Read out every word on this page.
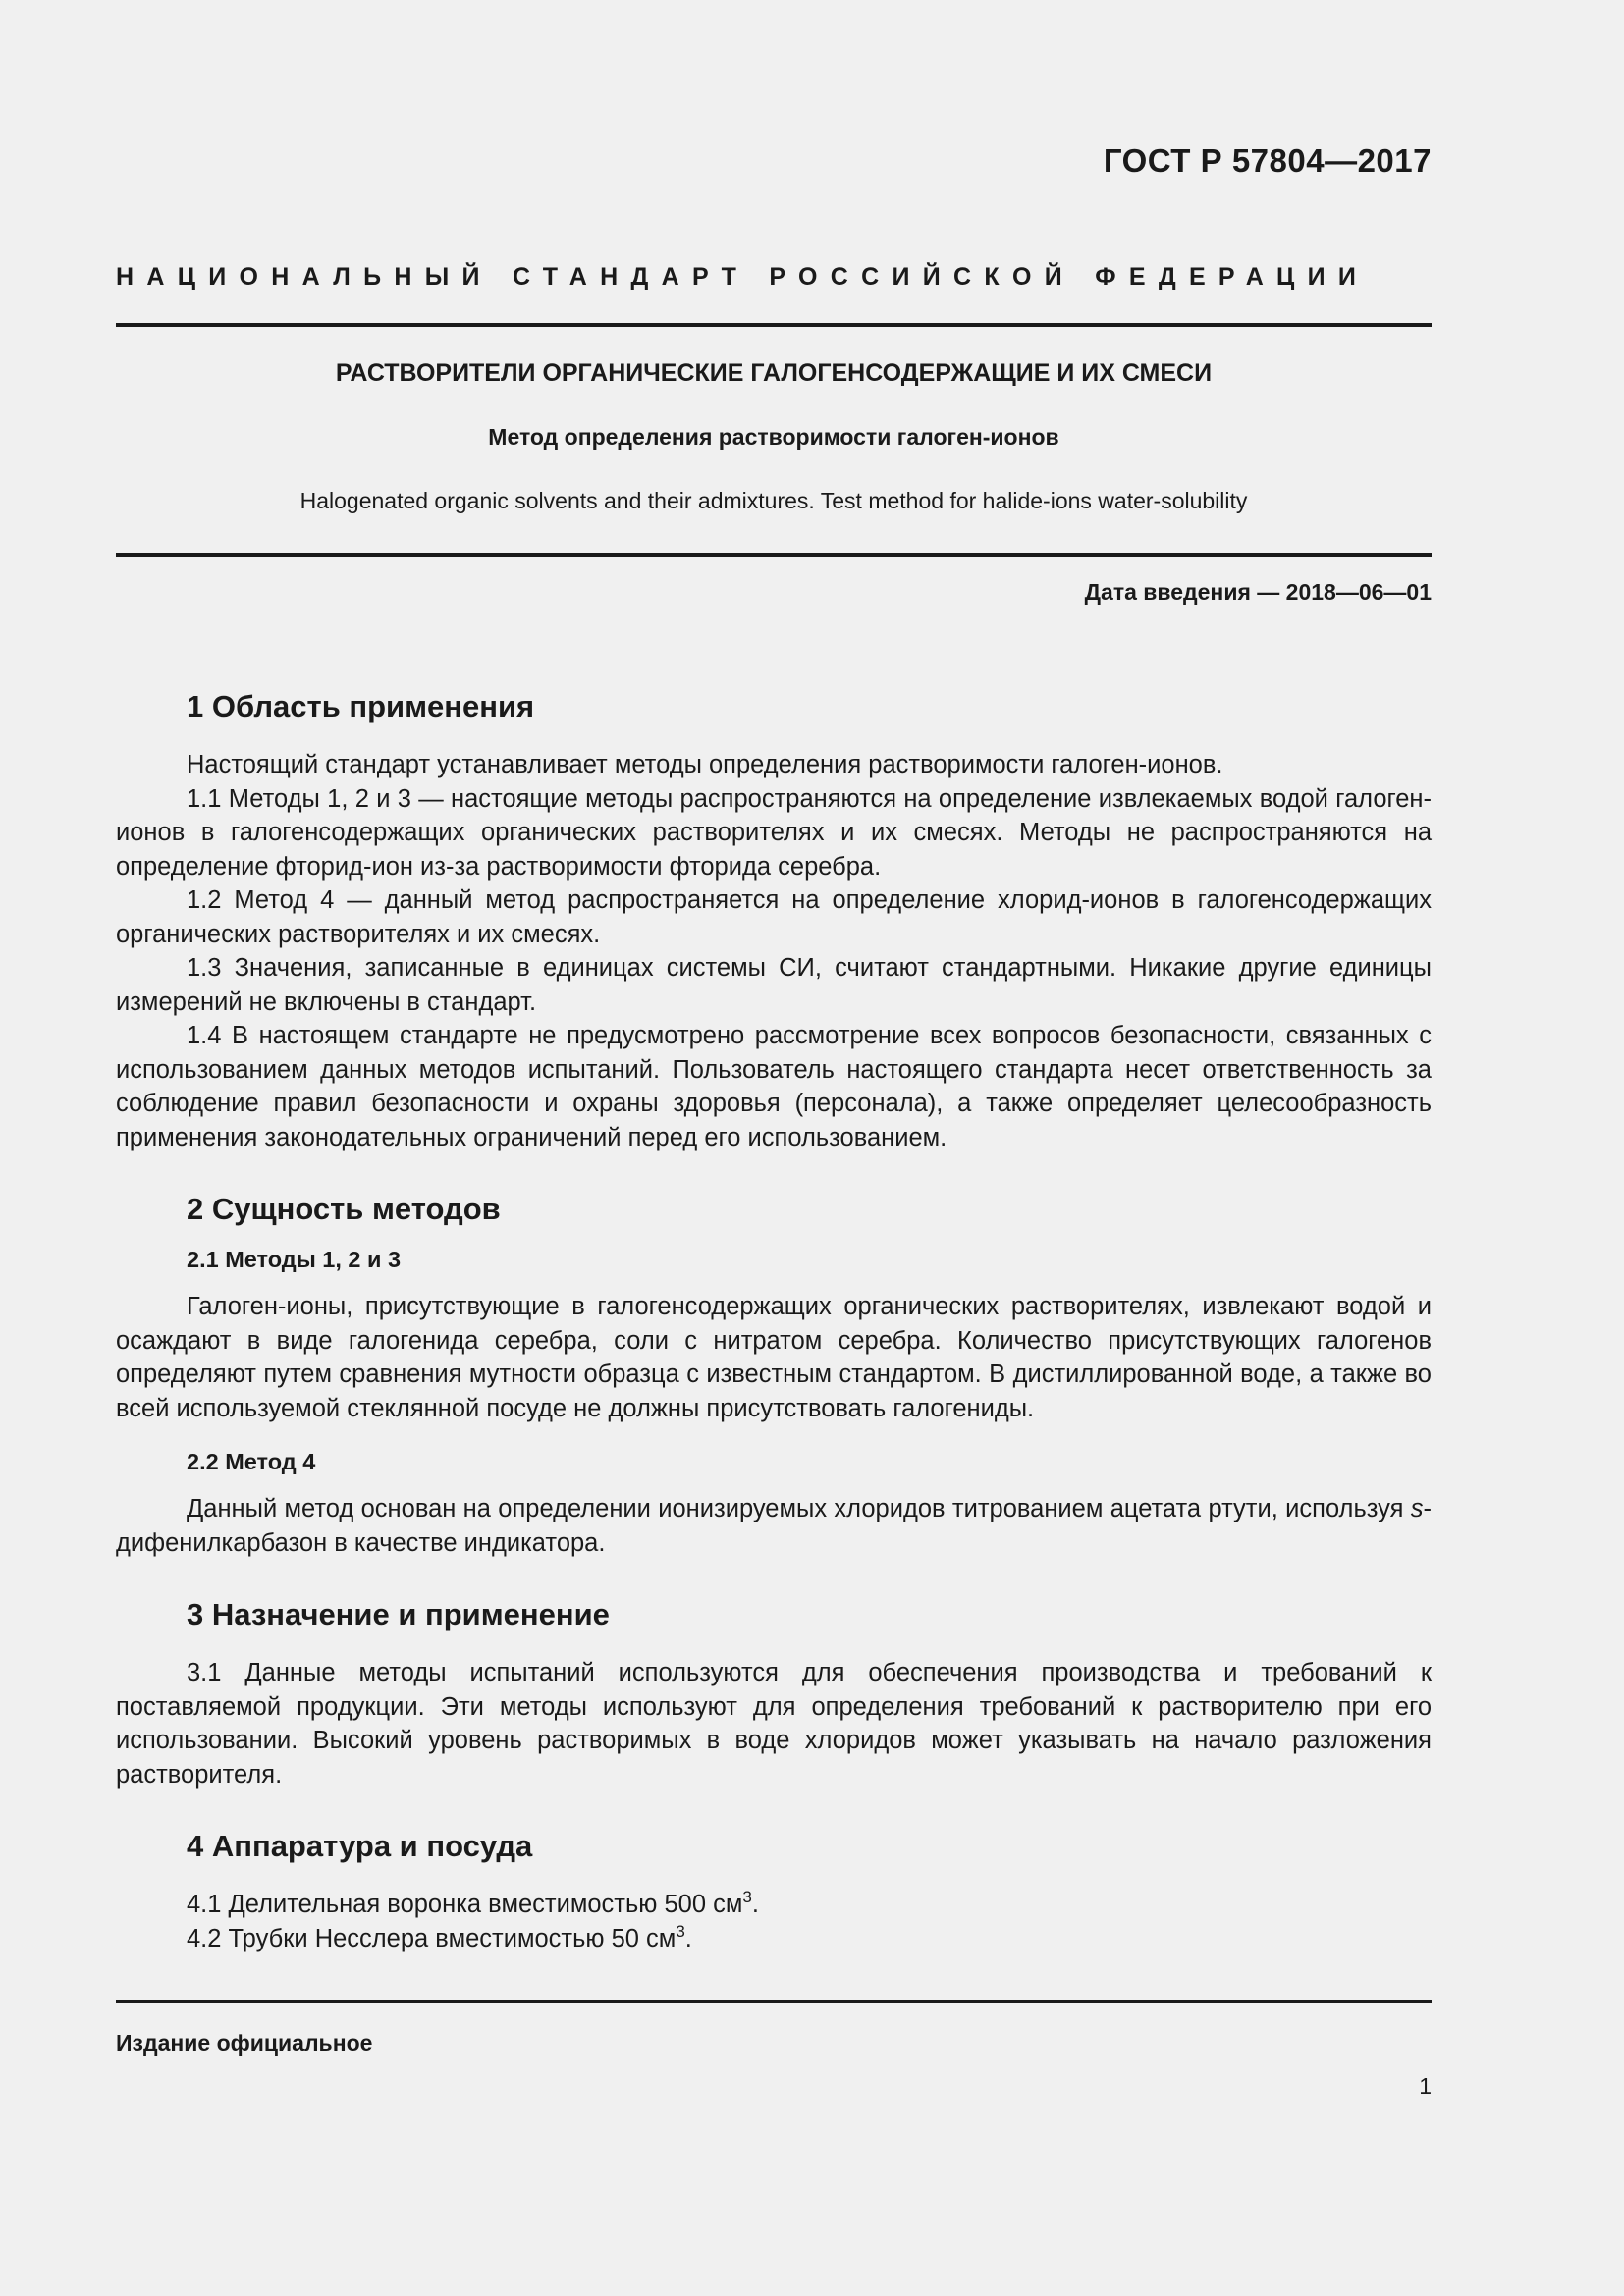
ГОСТ Р 57804—2017
НАЦИОНАЛЬНЫЙ СТАНДАРТ РОССИЙСКОЙ ФЕДЕРАЦИИ
РАСТВОРИТЕЛИ ОРГАНИЧЕСКИЕ ГАЛОГЕНСОДЕРЖАЩИЕ И ИХ СМЕСИ
Метод определения растворимости галоген-ионов
Halogenated organic solvents and their admixtures. Test method for halide-ions water-solubility
Дата введения — 2018—06—01
1 Область применения

Настоящий стандарт устанавливает методы определения растворимости галоген-ионов.

1.1 Методы 1, 2 и 3 — настоящие методы распространяются на определение извлекаемых водой галоген-ионов в галогенсодержащих органических растворителях и их смесях. Методы не распространяются на определение фторид-ион из-за растворимости фторида серебра.

1.2 Метод 4 — данный метод распространяется на определение хлорид-ионов в галогенсодержащих органических растворителях и их смесях.

1.3 Значения, записанные в единицах системы СИ, считают стандартными. Никакие другие единицы измерений не включены в стандарт.

1.4 В настоящем стандарте не предусмотрено рассмотрение всех вопросов безопасности, связанных с использованием данных методов испытаний. Пользователь настоящего стандарта несет ответственность за соблюдение правил безопасности и охраны здоровья (персонала), а также определяет целесообразность применения законодательных ограничений перед его использованием.

2 Сущность методов
2.1 Методы 1, 2 и 3

Галоген-ионы, присутствующие в галогенсодержащих органических растворителях, извлекают водой и осаждают в виде галогенида серебра, соли с нитратом серебра. Количество присутствующих галогенов определяют путем сравнения мутности образца с известным стандартом. В дистиллированной воде, а также во всей используемой стеклянной посуде не должны присутствовать галогениды.

2.2 Метод 4

Данный метод основан на определении ионизируемых хлоридов титрованием ацетата ртути, используя s-дифенилкарбазон в качестве индикатора.

3 Назначение и применение

3.1 Данные методы испытаний используются для обеспечения производства и требований к поставляемой продукции. Эти методы используют для определения требований к растворителю при его использовании. Высокий уровень растворимых в воде хлоридов может указывать на начало разложения растворителя.

4 Аппаратура и посуда

4.1 Делительная воронка вместимостью 500 $см^3$.

4.2 Трубки Несслера вместимостью 50 $см^3$.

Издание официальное
1
